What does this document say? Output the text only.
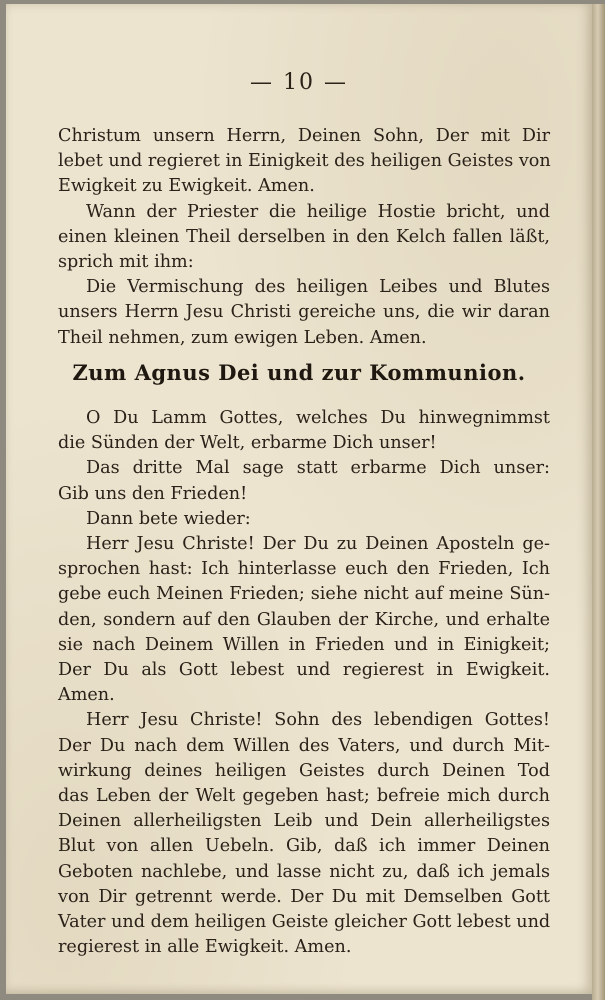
— 10 —
Christum unsern Herrn, Deinen Sohn, Der mit Dir
lebet und regieret in Einigkeit des heiligen Geistes von
Ewigkeit zu Ewigkeit. Amen.
Wann der Priester die heilige Hostie bricht, und
einen kleinen Theil derselben in den Kelch fallen läßt,
sprich mit ihm:
Die Vermischung des heiligen Leibes und Blutes
unsers Herrn Jesu Christi gereiche uns, die wir daran
Theil nehmen, zum ewigen Leben. Amen.
Zum Agnus Dei und zur Kommunion.
O Du Lamm Gottes, welches Du hinwegnimmst
die Sünden der Welt, erbarme Dich unser!
Das dritte Mal sage statt erbarme Dich unser:
Gib uns den Frieden!
Dann bete wieder:
Herr Jesu Christe! Der Du zu Deinen Aposteln ge-
sprochen hast: Ich hinterlasse euch den Frieden, Ich
gebe euch Meinen Frieden; siehe nicht auf meine Sün-
den, sondern auf den Glauben der Kirche, und erhalte
sie nach Deinem Willen in Frieden und in Einigkeit;
Der Du als Gott lebest und regierest in Ewigkeit.
Amen.
Herr Jesu Christe! Sohn des lebendigen Gottes!
Der Du nach dem Willen des Vaters, und durch Mit-
wirkung deines heiligen Geistes durch Deinen Tod
das Leben der Welt gegeben hast; befreie mich durch
Deinen allerheiligsten Leib und Dein allerheiligstes
Blut von allen Uebeln. Gib, daß ich immer Deinen
Geboten nachlebe, und lasse nicht zu, daß ich jemals
von Dir getrennt werde. Der Du mit Demselben Gott
Vater und dem heiligen Geiste gleicher Gott lebest und
regierest in alle Ewigkeit. Amen.
